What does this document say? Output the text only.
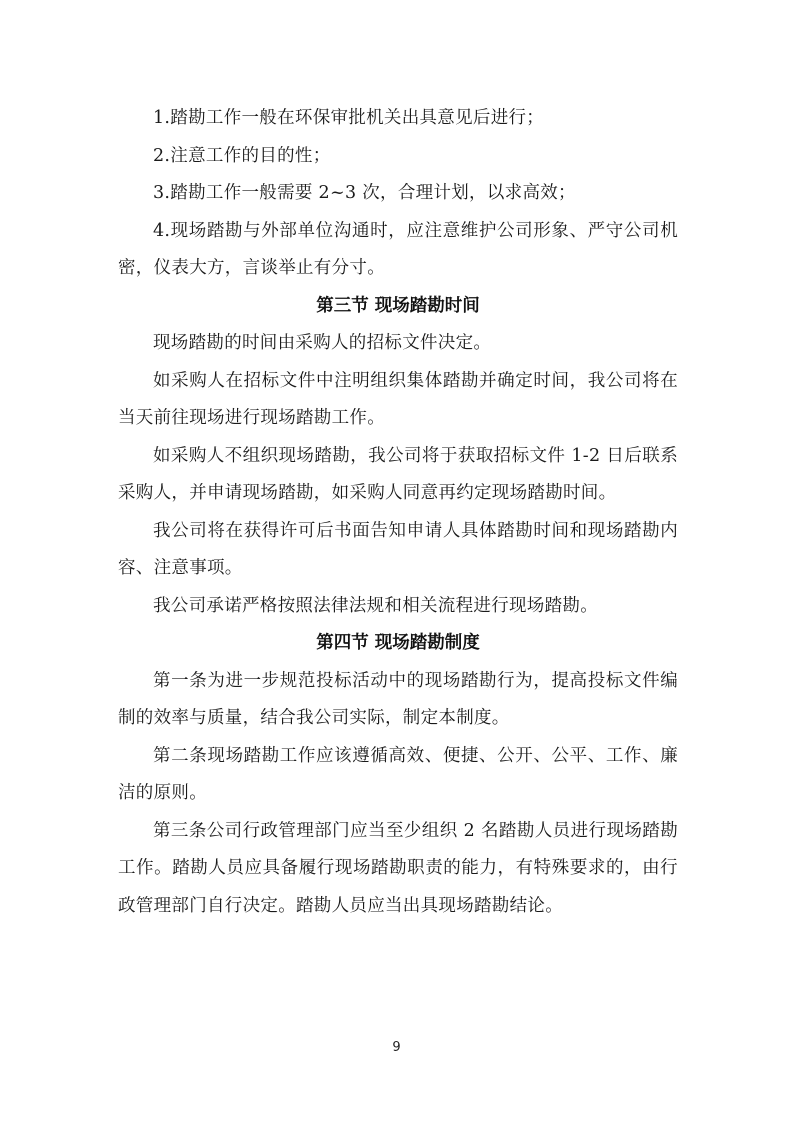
1.踏勘工作一般在环保审批机关出具意见后进行；

2.注意工作的目的性；

3.踏勘工作一般需要 2~3 次，合理计划，以求高效；

4.现场踏勘与外部单位沟通时，应注意维护公司形象、严守公司机密，仪表大方，言谈举止有分寸。

第三节 现场踏勘时间

现场踏勘的时间由采购人的招标文件决定。

如采购人在招标文件中注明组织集体踏勘并确定时间，我公司将在当天前往现场进行现场踏勘工作。

如采购人不组织现场踏勘，我公司将于获取招标文件 1-2 日后联系采购人，并申请现场踏勘，如采购人同意再约定现场踏勘时间。

我公司将在获得许可后书面告知申请人具体踏勘时间和现场踏勘内容、注意事项。

我公司承诺严格按照法律法规和相关流程进行现场踏勘。

第四节 现场踏勘制度

第一条为进一步规范投标活动中的现场踏勘行为，提高投标文件编制的效率与质量，结合我公司实际，制定本制度。

第二条现场踏勘工作应该遵循高效、便捷、公开、公平、工作、廉洁的原则。

第三条公司行政管理部门应当至少组织 2 名踏勘人员进行现场踏勘工作。踏勘人员应具备履行现场踏勘职责的能力，有特殊要求的，由行政管理部门自行决定。踏勘人员应当出具现场踏勘结论。

9
